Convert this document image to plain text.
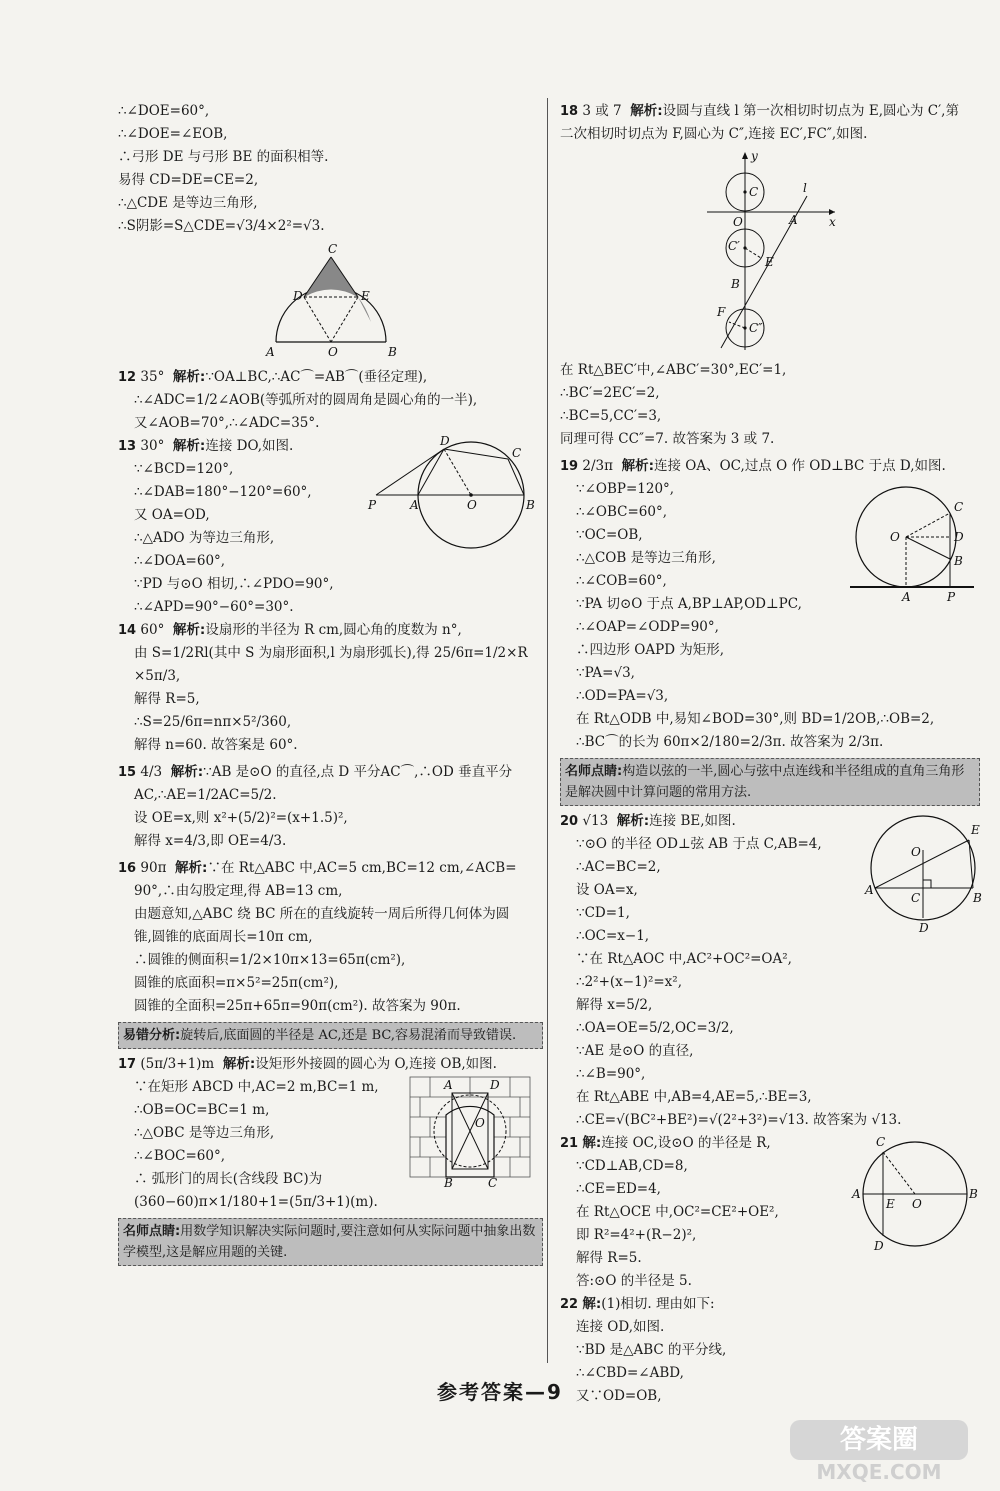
∴∠DOE=60°,
∴∠DOE=∠EOB,
∴弓形 DE 与弓形 BE 的面积相等.
易得 CD=DE=CE=2,
∴△CDE 是等边三角形,
∴S阴影=S△CDE=√3/4×2²=√3.
C
D	E
A	O	B
12 35° 解析:∵OA⊥BC,∴AC⌒=AB⌒(垂径定理),
∴∠ADC=1/2∠AOB(等弧所对的圆周角是圆心角的一半),
又∠AOB=70°,∴∠ADC=35°.
13 30° 解析:连接 DO,如图.
∵∠BCD=120°,
∴∠DAB=180°−120°=60°,
又 OA=OD,
∴△ADO 为等边三角形,
∴∠DOA=60°,
∵PD 与⊙O 相切,∴∠PDO=90°,
∴∠APD=90°−60°=30°.
D
C
P	A	O	B
14 60° 解析:设扇形的半径为 R cm,圆心角的度数为 n°,
由 S=1/2Rl(其中 S 为扇形面积,l 为扇形弧长),得 25/6π=1/2×R
×5π/3,
解得 R=5,
∴S=25/6π=nπ×5²/360,
解得 n=60. 故答案是 60°.
15 4/3 解析:∵AB 是⊙O 的直径,点 D 平分AC⌒,∴OD 垂直平分
AC,∴AE=1/2AC=5/2.
设 OE=x,则 x²+(5/2)²=(x+1.5)²,
解得 x=4/3,即 OE=4/3.
16 90π 解析:∵在 Rt△ABC 中,AC=5 cm,BC=12 cm,∠ACB=
90°,∴由勾股定理,得 AB=13 cm,
由题意知,△ABC 绕 BC 所在的直线旋转一周后所得几何体为圆
锥,圆锥的底面周长=10π cm,
∴圆锥的侧面积=1/2×10π×13=65π(cm²),
圆锥的底面积=π×5²=25π(cm²),
圆锥的全面积=25π+65π=90π(cm²). 故答案为 90π.
易错分析:旋转后,底面圆的半径是 AC,还是 BC,容易混淆而导致错误.
17 (5π/3+1)m 解析:设矩形外接圆的圆心为 O,连接 OB,如图.
∵在矩形 ABCD 中,AC=2 m,BC=1 m,
∴OB=OC=BC=1 m,
∴△OBC 是等边三角形,
∴∠BOC=60°,
∴ 弧形门的周长(含线段 BC)为
(360−60)π×1/180+1=(5π/3+1)(m).
A	D
O
B	C
名师点睛:用数学知识解决实际问题时,要注意如何从实际问题中抽象出数学模型,这是解应用题的关键.
18 3 或 7 解析:设圆与直线 l 第一次相切时切点为 E,圆心为 C′,第
二次相切时切点为 F,圆心为 C″,连接 EC′,FC″,如图.
y
C	l
O	A	x
C′
E
B
F
C″
在 Rt△BEC′中,∠ABC′=30°,EC′=1,
∴BC′=2EC′=2,
∴BC=5,CC′=3,
同理可得 CC″=7. 故答案为 3 或 7.
19 2/3π 解析:连接 OA、OC,过点 O 作 OD⊥BC 于点 D,如图.
∵∠OBP=120°,
∴∠OBC=60°,
∵OC=OB,
∴△COB 是等边三角形,
∴∠COB=60°,
∵PA 切⊙O 于点 A,BP⊥AP,OD⊥PC,
∴∠OAP=∠ODP=90°,
∴四边形 OAPD 为矩形,
∵PA=√3,
∴OD=PA=√3,
在 Rt△ODB 中,易知∠BOD=30°,则 BD=1/2OB,∴OB=2,
∴BC⌒的长为 60π×2/180=2/3π. 故答案为 2/3π.
C
O	D
B
A	P
名师点睛:构造以弦的一半,圆心与弦中点连线和半径组成的直角三角形是解决圆中计算问题的常用方法.
20 √13 解析:连接 BE,如图.
∵⊙O 的半径 OD⊥弦 AB 于点 C,AB=4,
∴AC=BC=2,
设 OA=x,
∵CD=1,
∴OC=x−1,
∵在 Rt△AOC 中,AC²+OC²=OA²,
∴2²+(x−1)²=x²,
解得 x=5/2,
∴OA=OE=5/2,OC=3/2,
∵AE 是⊙O 的直径,
∴∠B=90°,
在 Rt△ABE 中,AB=4,AE=5,∴BE=3,
∴CE=√(BC²+BE²)=√(2²+3²)=√13. 故答案为 √13.
E
O
A
C	B
D
21 解:连接 OC,设⊙O 的半径是 R,
∵CD⊥AB,CD=8,
∴CE=ED=4,
在 Rt△OCE 中,OC²=CE²+OE²,
即 R²=4²+(R−2)²,
解得 R=5.
答:⊙O 的半径是 5.
C
A
E O
B
D
22 解:(1)相切. 理由如下:
连接 OD,如图.
∵BD 是△ABC 的平分线,
∴∠CBD=∠ABD,
又∵OD=OB,
参考答案—9
答案圈
MXQE.COM
